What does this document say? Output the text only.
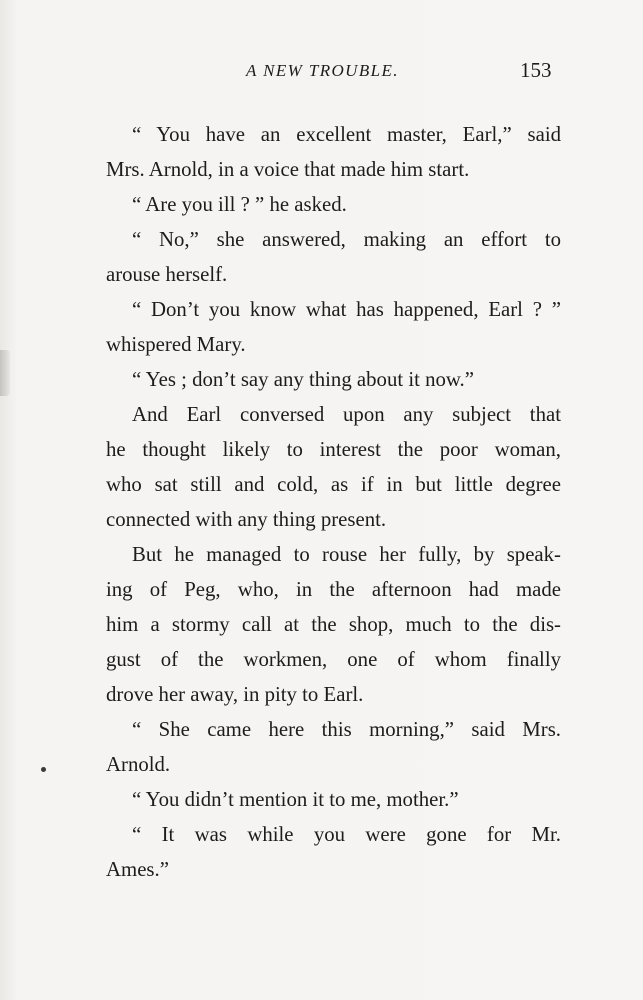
A NEW TROUBLE.	153
“ You have an excellent master, Earl,” said
Mrs. Arnold, in a voice that made him start.
“ Are you ill ? ” he asked.
“ No,” she answered, making an effort to
arouse herself.
“ Don’t you know what has happened, Earl ? ”
whispered Mary.
“ Yes ; don’t say any thing about it now.”
And Earl conversed upon any subject that
he thought likely to interest the poor woman,
who sat still and cold, as if in but little degree
connected with any thing present.
But he managed to rouse her fully, by speak-
ing of Peg, who, in the afternoon had made
him a stormy call at the shop, much to the dis-
gust of the workmen, one of whom finally
drove her away, in pity to Earl.
“ She came here this morning,” said Mrs.
Arnold.
“ You didn’t mention it to me, mother.”
“ It was while you were gone for Mr.
Ames.”
